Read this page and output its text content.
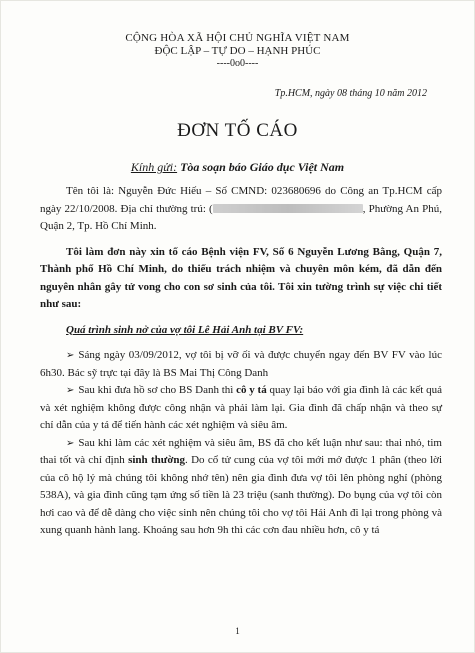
CỘNG HÒA XÃ HỘI CHỦ NGHĨA VIỆT NAM
ĐỘC LẬP – TỰ DO – HẠNH PHÚC
----0o0----
Tp.HCM, ngày 08 tháng 10 năm 2012
ĐƠN TỐ CÁO
Kính gửi: Tòa soạn báo Giáo dục Việt Nam

Tên tôi là: Nguyễn Đức Hiếu – Số CMND: 023680696 do Công an Tp.HCM cấp ngày 22/10/2008. Địa chỉ thường trú: (	, Phường An Phú, Quận 2, Tp. Hồ Chí Minh.

Tôi làm đơn này xin tố cáo Bệnh viện FV, Số 6 Nguyễn Lương Bằng, Quận 7, Thành phố Hồ Chí Minh, do thiếu trách nhiệm và chuyên môn kém, đã dẫn đến nguyên nhân gây tử vong cho con sơ sinh của tôi. Tôi xin tường trình sự việc chi tiết như sau:

Quá trình sinh nở của vợ tôi Lê Hải Anh tại BV FV:

➢ Sáng ngày 03/09/2012, vợ tôi bị vỡ ối và được chuyển ngay đến BV FV vào lúc 6h30. Bác sỹ trực tại đây là BS Mai Thị Công Danh

➢ Sau khi đưa hồ sơ cho BS Danh thì cô y tá quay lại báo với gia đình là các kết quả và xét nghiệm không được công nhận và phải làm lại. Gia đình đã chấp nhận và theo sự chỉ dẫn của y tá để tiến hành các xét nghiệm và siêu âm.

➢ Sau khi làm các xét nghiệm và siêu âm, BS đã cho kết luận như sau: thai nhỏ, tim thai tốt và chỉ định sinh thường. Do cổ tử cung của vợ tôi mới mở được 1 phân (theo lời của cô hộ lý mà chúng tôi không nhớ tên) nên gia đình đưa vợ tôi lên phòng nghỉ (phòng 538A), và gia đình cũng tạm ứng số tiền là 23 triệu (sanh thường). Do bụng của vợ tôi còn hơi cao và để dễ dàng cho việc sinh nên chúng tôi cho vợ tôi Hải Anh đi lại trong phòng và xung quanh hành lang. Khoảng sau hơn 9h thì các cơn đau nhiều hơn, cô y tá

1
